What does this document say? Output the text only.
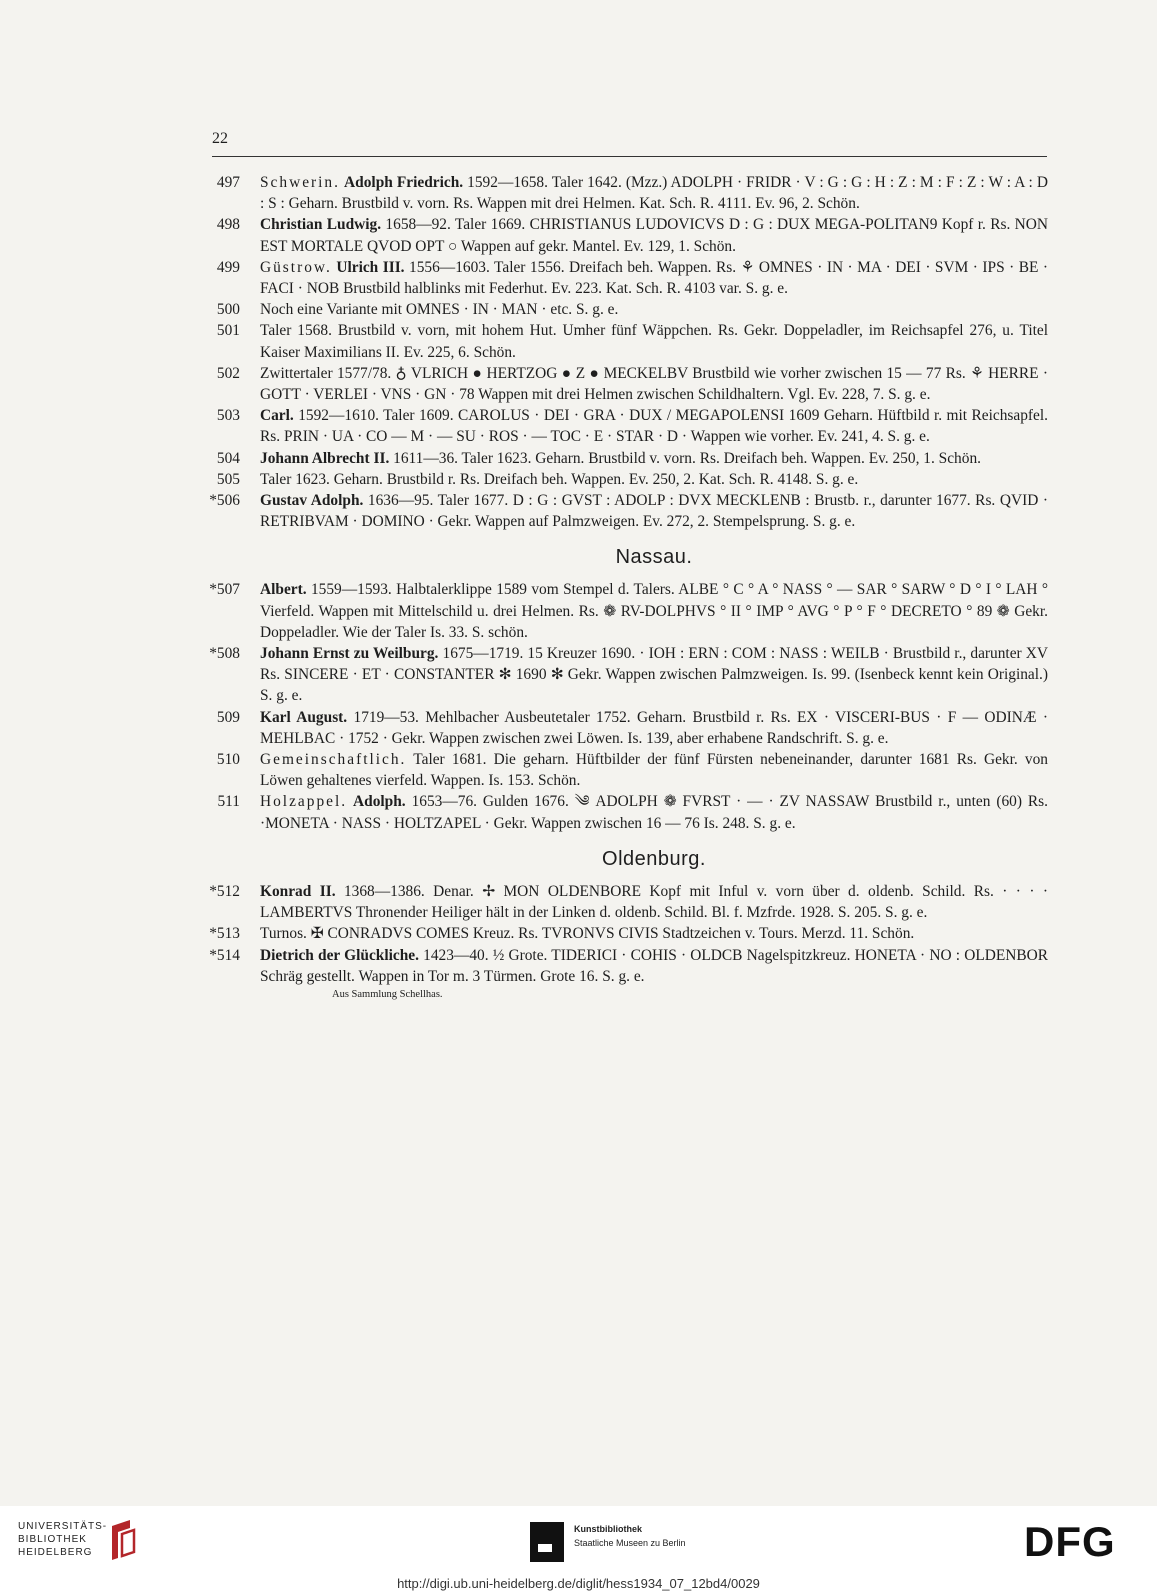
22
497 Schwerin. Adolph Friedrich. 1592—1658. Taler 1642. (Mzz.) ADOLPH · FRIDR · V : G : G : H : Z : M : F : Z : W : A : D : S : Geharn. Brustbild v. vorn. Rs. Wappen mit drei Helmen. Kat. Sch. R. 4111. Ev. 96, 2. Schön.
498 Christian Ludwig. 1658—92. Taler 1669. CHRISTIANUS LUDOVICVS D : G : DUX MEGA-POLITAN9 Kopf r. Rs. NON EST MORTALE QVOD OPT ○ Wappen auf gekr. Mantel. Ev. 129, 1. Schön.
499 Güstrow. Ulrich III. 1556—1603. Taler 1556. Dreifach beh. Wappen. Rs. ⚘ OMNES · IN · MA · DEI · SVM · IPS · BE · FACI · NOB Brustbild halblinks mit Federhut. Ev. 223. Kat. Sch. R. 4103 var. S. g. e.
500 Noch eine Variante mit OMNES · IN · MAN · etc. S. g. e.
501 Taler 1568. Brustbild v. vorn, mit hohem Hut. Umher fünf Wäppchen. Rs. Gekr. Doppeladler, im Reichsapfel 276, u. Titel Kaiser Maximilians II. Ev. 225, 6. Schön.
502 Zwittertaler 1577/78. ♁ VLRICH ● HERTZOG ● Z ● MECKELBV Brustbild wie vorher zwischen 15 — 77 Rs. ⚘ HERRE · GOTT · VERLEI · VNS · GN · 78 Wappen mit drei Helmen zwischen Schildhaltern. Vgl. Ev. 228, 7. S. g. e.
503 Carl. 1592—1610. Taler 1609. CAROLUS · DEI · GRA · DUX / MEGAPOLENSI 1609 Geharn. Hüftbild r. mit Reichsapfel. Rs. PRIN · UA · CO — M · — SU · ROS · — TOC · E · STAR · D · Wappen wie vorher. Ev. 241, 4. S. g. e.
504 Johann Albrecht II. 1611—36. Taler 1623. Geharn. Brustbild v. vorn. Rs. Dreifach beh. Wappen. Ev. 250, 1. Schön.
505 Taler 1623. Geharn. Brustbild r. Rs. Dreifach beh. Wappen. Ev. 250, 2. Kat. Sch. R. 4148. S. g. e.
*506 Gustav Adolph. 1636—95. Taler 1677. D : G : GVST : ADOLP : DVX MECKLENB : Brustb. r., darunter 1677. Rs. QVID · RETRIBVAM · DOMINO · Gekr. Wappen auf Palmzweigen. Ev. 272, 2. Stempelsprung. S. g. e.
Nassau.
*507 Albert. 1559—1593. Halbtalerklippe 1589 vom Stempel d. Talers. ALBE ° C ° A ° NASS ° — SAR ° SARW ° D ° I ° LAH ° Vierfeld. Wappen mit Mittelschild u. drei Helmen. Rs. ❁ RV-DOLPHVS ° II ° IMP ° AVG ° P ° F ° DECRETO ° 89 ❁ Gekr. Doppeladler. Wie der Taler Is. 33. S. schön.
*508 Johann Ernst zu Weilburg. 1675—1719. 15 Kreuzer 1690. · IOH : ERN : COM : NASS : WEILB · Brustbild r., darunter XV Rs. SINCERE · ET · CONSTANTER ✻ 1690 ✻ Gekr. Wappen zwischen Palmzweigen. Is. 99. (Isenbeck kennt kein Original.) S. g. e.
509 Karl August. 1719—53. Mehlbacher Ausbeutetaler 1752. Geharn. Brustbild r. Rs. EX · VISCERI-BUS · F — ODINÆ · MEHLBAC · 1752 · Gekr. Wappen zwischen zwei Löwen. Is. 139, aber erhabene Randschrift. S. g. e.
510 Gemeinschaftlich. Taler 1681. Die geharn. Hüftbilder der fünf Fürsten nebeneinander, darunter 1681 Rs. Gekr. von Löwen gehaltenes vierfeld. Wappen. Is. 153. Schön.
511 Holzappel. Adolph. 1653—76. Gulden 1676. ༄ ADOLPH ❁ FVRST · — · ZV NASSAW Brustbild r., unten (60) Rs. ·MONETA · NASS · HOLTZAPEL · Gekr. Wappen zwischen 16 — 76 Is. 248. S. g. e.
Oldenburg.
*512 Konrad II. 1368—1386. Denar. ✢ MON OLDENBORE Kopf mit Inful v. vorn über d. oldenb. Schild. Rs. · · · · LAMBERTVS Thronender Heiliger hält in der Linken d. oldenb. Schild. Bl. f. Mzfrde. 1928. S. 205. S. g. e.
*513 Turnos. ✠ CONRADVS COMES Kreuz. Rs. TVRONVS CIVIS Stadtzeichen v. Tours. Merzd. 11. Schön.
*514 Dietrich der Glückliche. 1423—40. ½ Grote. TIDERICI · COHIS · OLDCB Nagelspitzkreuz. HONETA · NO : OLDENBOR Schräg gestellt. Wappen in Tor m. 3 Türmen. Grote 16. S. g. e.
Aus Sammlung Schellhas.
UNIVERSITÄTS-
BIBLIOTHEK
HEIDELBERG
Kunstbibliothek
Staatliche Museen zu Berlin	DFG
http://digi.ub.uni-heidelberg.de/diglit/hess1934_07_12bd4/0029
